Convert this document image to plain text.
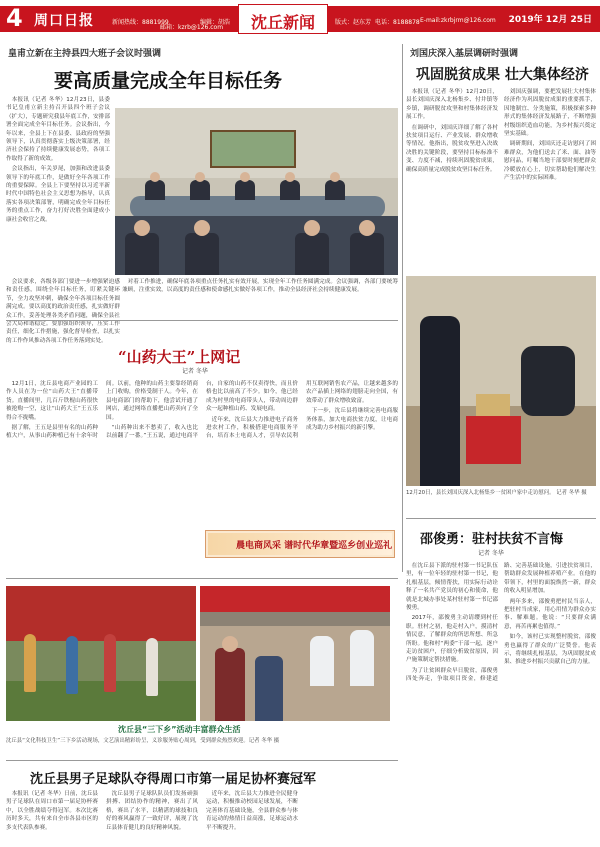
4 周口日报	新闻热线：8881999
邮箱：kzrb@126.com
编辑：胡浩	沈丘新闻	版式：赵东芳 电话：8188878 E-mail:zkrbjrm@126.com 2019年 12月 25日
皇甫立新在主持县四大班子会议时强调
要高质量完成全年目标任务

本报讯（记者 冬华）12月23日，县委书记皇甫立新主持召开县四个班子会议（扩大），专题研究我县年底工作，安排部署全面完成全年目标任务。会议指出，今年以来，全县上下在县委、县政府的坚强领导下，认真贯彻落实上级决策部署，经济社会保持了持续健康发展态势，各项工作取得了新的成效。

会议指出，年关岁尾，加强和改进县委领导下的年底工作，是做好全年各项工作的重要保障。全县上下要坚持以习近平新时代中国特色社会主义思想为指导，认真落实各项决策部署，明确完成全年目标任务的重点工作，奋力打好决胜全面建成小康社会收官之战。

会议要求，各级各部门要进一步增强紧迫感和责任感，围绕全年目标任务，盯紧关键环节，全力攻坚冲刺，确保全年各项目标任务圆满完成。要以高度的政治责任感，扎实做好群众工作，妥善处理各类矛盾问题，确保全县社会大局和谐稳定。要加强组织领导，压实工作责任，细化工作措施，强化督导检查，以扎实的工作作风推动各项工作任务落到实处。

对着工作推进，确保年底各项重点任务扎实有效开展，实现全年工作任务圆满完成。会议强调，各部门要统筹兼顾，注重实效，以高度的责任感和使命感扎实做好各项工作，推动全县经济社会持续健康发展。

“山药大王”上网记
记者 冬华

12月1日，沈丘县电商产业园的工作人员在为一位“山药大王”直播带货。直播间里，几百斤铁棍山药很快被抢购一空，这让“山药大王”王五乐得合不拢嘴。

据了解，王五是县里有名的山药种植大户，从事山药种植已有十余年时间。以前，他种的山药主要靠经销商上门收购，价格受制于人。今年，在县电商部门的帮助下，他尝试开通了网店，通过网络直播把山药卖向了全国。

“山药种出来不愁卖了，收入也比以前翻了一番。”王五说，通过电商平台，自家的山药不仅卖得快，而且价格也比以前高了不少。如今，他已经成为村里的电商带头人，带动周边群众一起种植山药、发展电商。

近年来，沈丘县大力推进电子商务进农村工作，积极搭建电商服务平台，培育本土电商人才，引导农民利用互联网销售农产品，让越来越多的农产品插上网络的翅膀走向全国，有效带动了群众增收致富。

下一步，沈丘县将继续完善电商服务体系，加大电商扶贫力度，让电商成为助力乡村振兴的新引擎。

晨电商风采 谱时代华章暨巡乡创业巡礼
刘国庆深入基层调研时强调
巩固脱贫成果 壮大集体经济

本报讯（记者 冬华）12月20日，县长刘国庆深入北杨集乡、付井镇等乡镇，调研脱贫攻坚和村集体经济发展工作。

在调研中，刘国庆详细了解了各村扶贫项目运行、产业发展、群众增收等情况。他指出，脱贫攻坚进入决战决胜的关键阶段，要坚持目标标准不变、力度不减，持续巩固脱贫成果，确保高质量完成脱贫攻坚目标任务。

刘国庆强调，要把发展壮大村集体经济作为巩固脱贫成果的重要抓手，因地制宜、分类施策，积极探索多种形式的集体经济发展路子，不断增强村级组织造血功能，为乡村振兴奠定坚实基础。

调研期间，刘国庆还走访慰问了困难群众，为他们送去了米、面、油等慰问品，叮嘱当地干部要时刻把群众冷暖放在心上，切实帮助他们解决生产生活中的实际困难。

12月20日，县长刘国庆深入北杨集乡一贫困户家中走访慰问。 记者 冬华 摄
邵俊勇：驻村扶贫不言悔
记者 冬华

在沈丘县下派的驻村第一书记队伍里，有一位年轻的驻村第一书记，他扎根基层，倾情帮扶，用实际行动诠释了一名共产党员的初心和使命，他就是北城办事处某村驻村第一书记邵俊勇。

2017年，邵俊勇主动请缨到村任职。驻村之初，他走村入户，摸清村情民意，了解群众的所思所想、所急所盼。他和村“两委”干部一起，逐户走访贫困户，仔细分析致贫原因，因户施策制定帮扶措施。

为了让贫困群众早日脱贫，邵俊勇四处奔走，争取项目资金，修建道路、完善基础设施，引进扶贫项目，帮助群众发展种植养殖产业。在他的带领下，村里的面貌焕然一新，群众的收入明显增加。

两年多来，邵俊勇把村民当亲人，把驻村当成家，用心用情为群众办实事、解难题。他说：“只要群众满意，再苦再累也值得。”

如今，该村已实现整村脱贫，邵俊勇也赢得了群众的广泛赞誉。他表示，将继续扎根基层，为巩固脱贫成果、推进乡村振兴贡献自己的力量。

沈丘县“三下乡”活动丰富群众生活
沈丘县“文化科技卫生”三下乡活动现场，文艺演出精彩纷呈，义诊服务贴心周到，受到群众热烈欢迎。记者 冬华 摄
沈丘县男子足球队夺得周口市第一届足协杯赛冠军

本报讯（记者 冬华）日前，沈丘县男子足球队在周口市第一届足协杯赛中，以全胜战绩夺得冠军。本次比赛历时多天，共有来自全市各县市区的多支代表队参赛。

沈丘县男子足球队队员们发扬顽强拼搏、团结协作的精神，赛出了风格，赛出了水平，以精湛的球技和良好的赛风赢得了一致好评，展现了沈丘县体育健儿的良好精神风貌。

近年来，沈丘县大力推进全民健身运动，积极推动校园足球发展，不断完善体育基础设施，全县群众参与体育运动的热情日益高涨，足球运动水平不断提升。
